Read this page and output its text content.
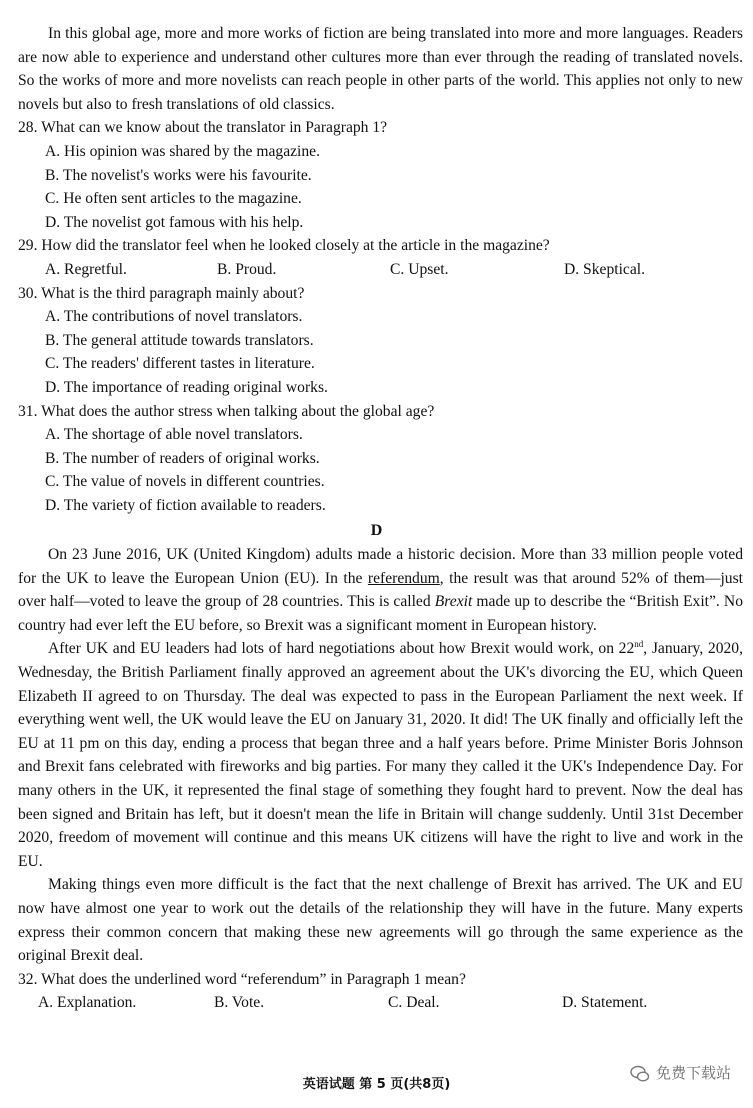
In this global age, more and more works of fiction are being translated into more and more languages. Readers are now able to experience and understand other cultures more than ever through the reading of translated novels. So the works of more and more novelists can reach people in other parts of the world. This applies not only to new novels but also to fresh translations of old classics.

28. What can we know about the translator in Paragraph 1?
A. His opinion was shared by the magazine.
B. The novelist's works were his favourite.
C. He often sent articles to the magazine.
D. The novelist got famous with his help.
29. How did the translator feel when he looked closely at the article in the magazine?
A. Regretful.	B. Proud.	C. Upset.	D. Skeptical.
30. What is the third paragraph mainly about?
A. The contributions of novel translators.
B. The general attitude towards translators.
C. The readers' different tastes in literature.
D. The importance of reading original works.
31. What does the author stress when talking about the global age?
A. The shortage of able novel translators.
B. The number of readers of original works.
C. The value of novels in different countries.
D. The variety of fiction available to readers.
D

On 23 June 2016, UK (United Kingdom) adults made a historic decision. More than 33 million people voted for the UK to leave the European Union (EU). In the referendum, the result was that around 52% of them—just over half—voted to leave the group of 28 countries. This is called Brexit made up to describe the “British Exit”. No country had ever left the EU before, so Brexit was a significant moment in European history.

After UK and EU leaders had lots of hard negotiations about how Brexit would work, on 22nd, January, 2020, Wednesday, the British Parliament finally approved an agreement about the UK's divorcing the EU, which Queen Elizabeth II agreed to on Thursday. The deal was expected to pass in the European Parliament the next week. If everything went well, the UK would leave the EU on January 31, 2020. It did! The UK finally and officially left the EU at 11 pm on this day, ending a process that began three and a half years before. Prime Minister Boris Johnson and Brexit fans celebrated with fireworks and big parties. For many they called it the UK's Independence Day. For many others in the UK, it represented the final stage of something they fought hard to prevent. Now the deal has been signed and Britain has left, but it doesn't mean the life in Britain will change suddenly. Until 31st December 2020, freedom of movement will continue and this means UK citizens will have the right to live and work in the EU.

Making things even more difficult is the fact that the next challenge of Brexit has arrived. The UK and EU now have almost one year to work out the details of the relationship they will have in the future. Many experts express their common concern that making these new agreements will go through the same experience as the original Brexit deal.

32. What does the underlined word “referendum” in Paragraph 1 mean?
A. Explanation.	B. Vote.	C. Deal.	D. Statement.
英语试题 第 5 页(共8页)
免费下载站
